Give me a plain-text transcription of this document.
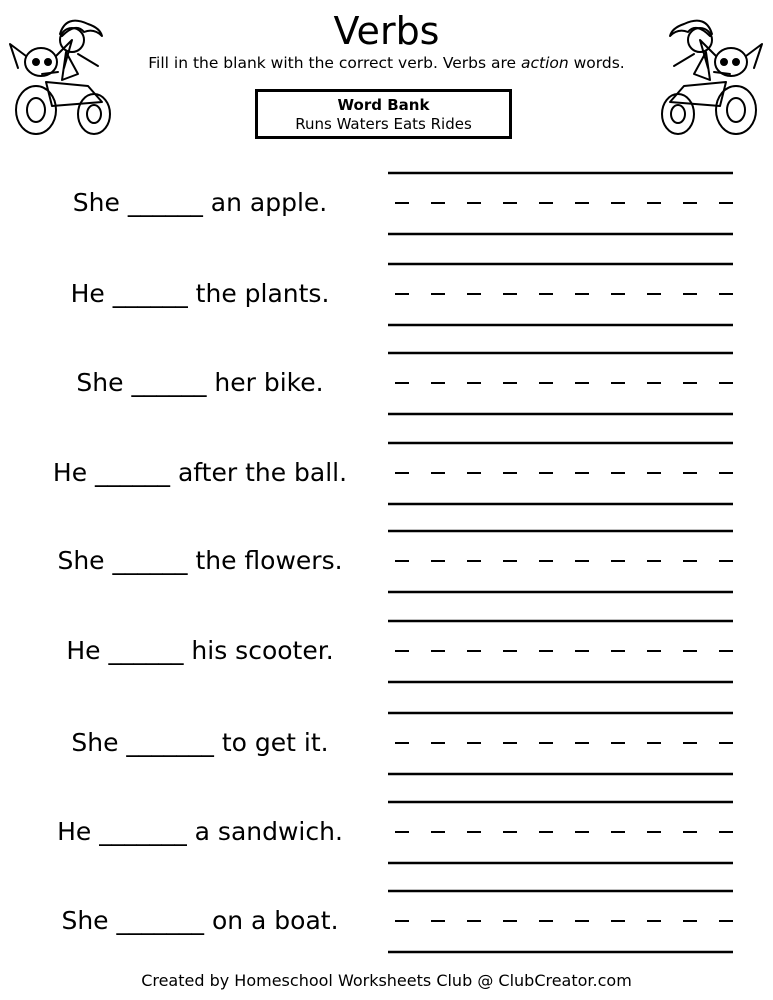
Verbs
Fill in the blank with the correct verb. Verbs are action words.
Word Bank
Runs Waters Eats Rides
She ______ an apple.
He ______ the plants.
She ______ her bike.
He ______ after the ball.
She ______ the flowers.
He ______ his scooter.
She _______ to get it.
He _______ a sandwich.
She _______ on a boat.
Created by Homeschool Worksheets Club @ ClubCreator.com
